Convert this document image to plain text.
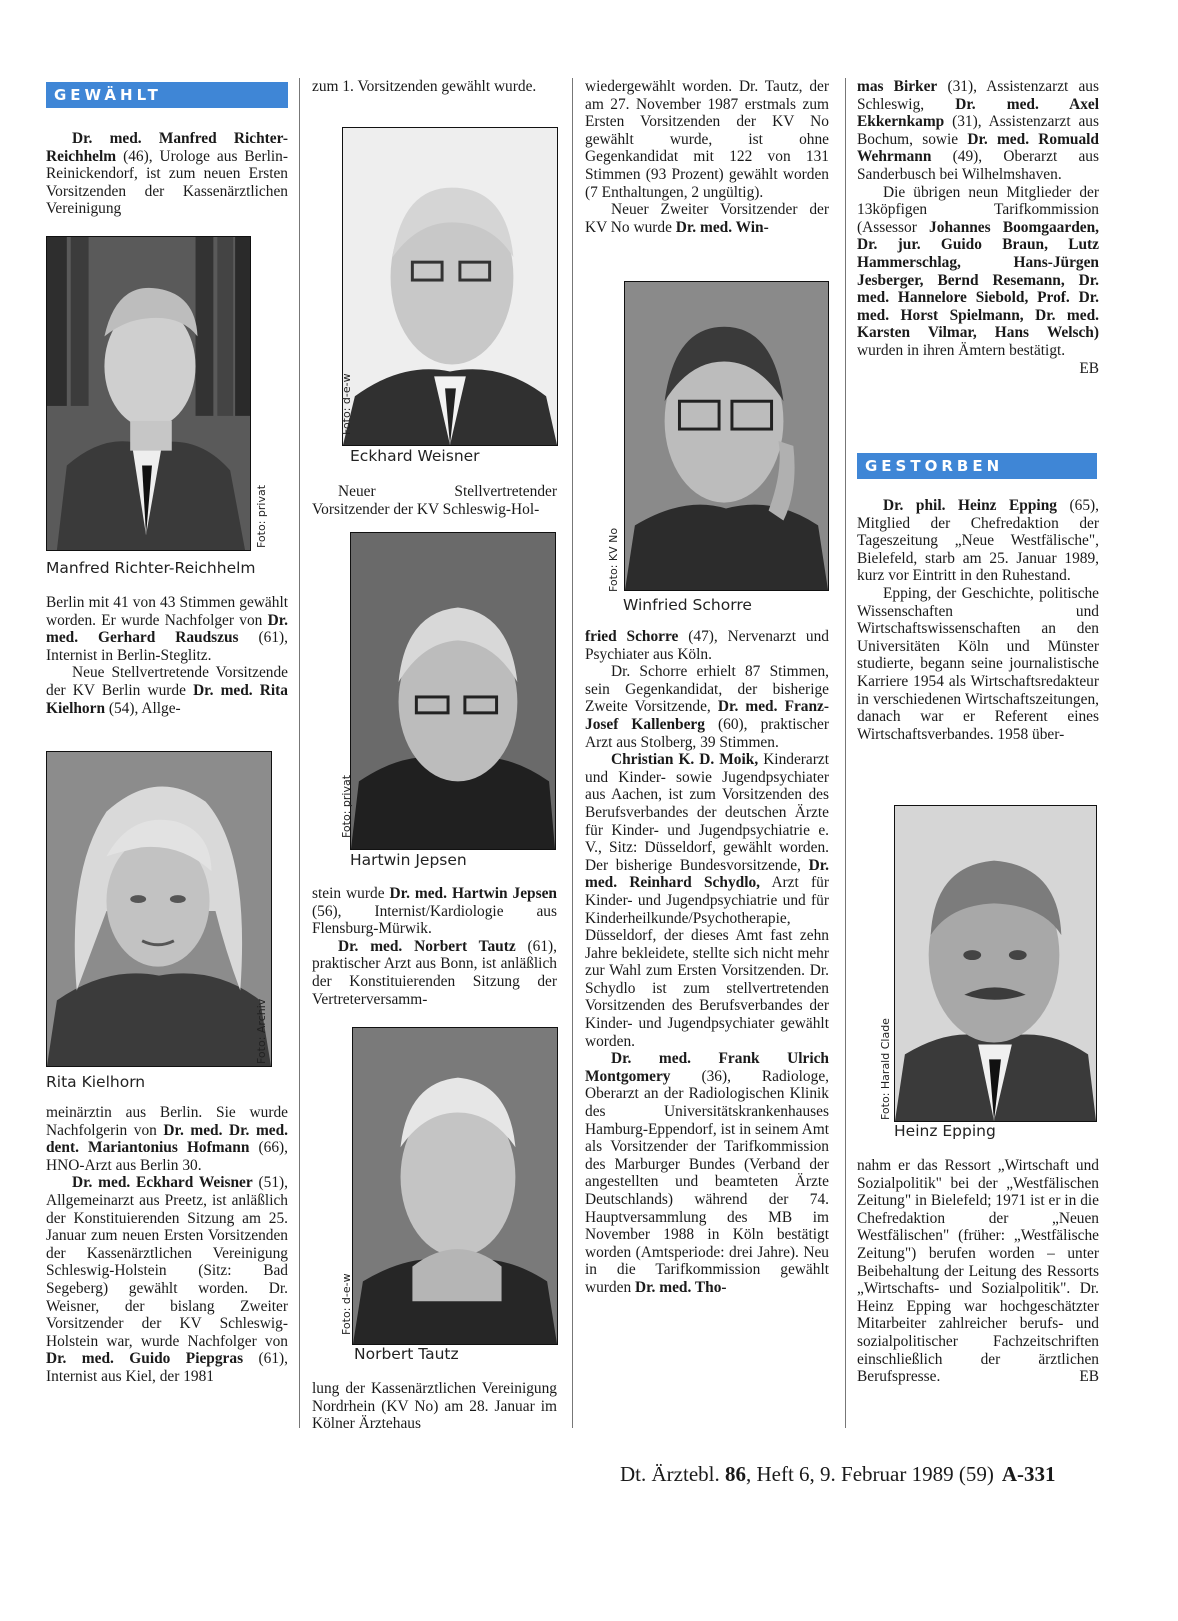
GEWÄHLT

Dr. med. Manfred Richter-Reichhelm (46), Urologe aus Berlin-Reinickendorf, ist zum neuen Ersten Vorsitzenden der Kassenärztlichen Vereinigung

Foto: privat
Manfred Richter-Reichhelm

Berlin mit 41 von 43 Stimmen gewählt worden. Er wurde Nachfolger von Dr. med. Gerhard Raudszus (61), Internist in Berlin-Steglitz.

Neue Stellvertretende Vorsitzende der KV Berlin wurde Dr. med. Rita Kielhorn (54), Allge-

Foto: Archiv
Rita Kielhorn

meinärztin aus Berlin. Sie wurde Nachfolgerin von Dr. med. Dr. med. dent. Mariantonius Hofmann (66), HNO-Arzt aus Berlin 30.

Dr. med. Eckhard Weisner (51), Allgemeinarzt aus Preetz, ist anläßlich der Konstituierenden Sitzung am 25. Januar zum neuen Ersten Vorsitzenden der Kassenärztlichen Vereinigung Schleswig-Holstein (Sitz: Bad Segeberg) gewählt worden. Dr. Weisner, der bislang Zweiter Vorsitzender der KV Schleswig-Holstein war, wurde Nachfolger von Dr. med. Guido Piepgras (61), Internist aus Kiel, der 1981

zum 1. Vorsitzenden gewählt wurde.

Foto: d-e-w
Eckhard Weisner

Neuer Stellvertretender Vorsitzender der KV Schleswig-Hol-

Foto: privat
Hartwin Jepsen

stein wurde Dr. med. Hartwin Jepsen (56), Internist/Kardiologie aus Flensburg-Mürwik.

Dr. med. Norbert Tautz (61), praktischer Arzt aus Bonn, ist anläßlich der Konstituierenden Sitzung der Vertreterversamm-

Foto: d-e-w
Norbert Tautz

lung der Kassenärztlichen Vereinigung Nordrhein (KV No) am 28. Januar im Kölner Ärztehaus

wiedergewählt worden. Dr. Tautz, der am 27. November 1987 erstmals zum Ersten Vorsitzenden der KV No gewählt wurde, ist ohne Gegenkandidat mit 122 von 131 Stimmen (93 Prozent) gewählt worden (7 Enthaltungen, 2 ungültig).

Neuer Zweiter Vorsitzender der KV No wurde Dr. med. Win-

Foto: KV No
Winfried Schorre

fried Schorre (47), Nervenarzt und Psychiater aus Köln.

Dr. Schorre erhielt 87 Stimmen, sein Gegenkandidat, der bisherige Zweite Vorsitzende, Dr. med. Franz-Josef Kallenberg (60), praktischer Arzt aus Stolberg, 39 Stimmen.

Christian K. D. Moik, Kinderarzt und Kinder- sowie Jugendpsychiater aus Aachen, ist zum Vorsitzenden des Berufsverbandes der deutschen Ärzte für Kinder- und Jugendpsychiatrie e. V., Sitz: Düsseldorf, gewählt worden. Der bisherige Bundesvorsitzende, Dr. med. Reinhard Schydlo, Arzt für Kinder- und Jugendpsychiatrie und für Kinderheilkunde/Psychotherapie, Düsseldorf, der dieses Amt fast zehn Jahre bekleidete, stellte sich nicht mehr zur Wahl zum Ersten Vorsitzenden. Dr. Schydlo ist zum stellvertretenden Vorsitzenden des Berufsverbandes der Kinder- und Jugendpsychiater gewählt worden.

Dr. med. Frank Ulrich Montgomery (36), Radiologe, Oberarzt an der Radiologischen Klinik des Universitätskrankenhauses Hamburg-Eppendorf, ist in seinem Amt als Vorsitzender der Tarifkommission des Marburger Bundes (Verband der angestellten und beamteten Ärzte Deutschlands) während der 74. Hauptversammlung des MB im November 1988 in Köln bestätigt worden (Amtsperiode: drei Jahre). Neu in die Tarifkommission gewählt wurden Dr. med. Tho-

mas Birker (31), Assistenzarzt aus Schleswig, Dr. med. Axel Ekkernkamp (31), Assistenzarzt aus Bochum, sowie Dr. med. Romuald Wehrmann (49), Oberarzt aus Sanderbusch bei Wilhelmshaven.

Die übrigen neun Mitglieder der 13köpfigen Tarifkommission (Assessor Johannes Boomgaarden, Dr. jur. Guido Braun, Lutz Hammerschlag, Hans-Jürgen Jesberger, Bernd Resemann, Dr. med. Hannelore Siebold, Prof. Dr. med. Horst Spielmann, Dr. med. Karsten Vilmar, Hans Welsch) wurden in ihren Ämtern bestätigt.

EB

GESTORBEN

Dr. phil. Heinz Epping (65), Mitglied der Chefredaktion der Tageszeitung „Neue Westfälische", Bielefeld, starb am 25. Januar 1989, kurz vor Eintritt in den Ruhestand.

Epping, der Geschichte, politische Wissenschaften und Wirtschaftswissenschaften an den Universitäten Köln und Münster studierte, begann seine journalistische Karriere 1954 als Wirtschaftsredakteur in verschiedenen Wirtschaftszeitungen, danach war er Referent eines Wirtschaftsverbandes. 1958 über-

Foto: Harald Clade
Heinz Epping

nahm er das Ressort „Wirtschaft und Sozialpolitik" bei der „Westfälischen Zeitung" in Bielefeld; 1971 ist er in die Chefredaktion der „Neuen Westfälischen" (früher: „Westfälische Zeitung") berufen worden – unter Beibehaltung der Leitung des Ressorts „Wirtschafts- und Sozialpolitik". Dr. Heinz Epping war hochgeschätzter Mitarbeiter zahlreicher berufs- und sozialpolitischer Fachzeitschriften einschließlich der ärztlichen Berufspresse.	EB

Dt. Ärztebl. 86, Heft 6, 9. Februar 1989 (59) A-331
